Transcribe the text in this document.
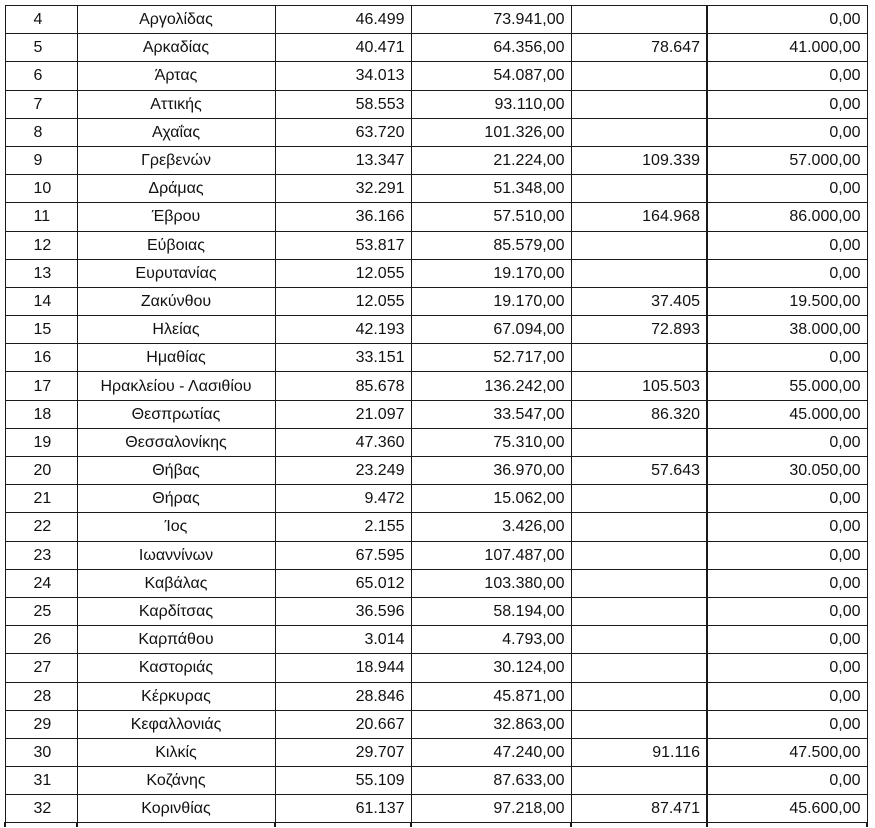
4	Αργολίδας	46.499	73.941,00		0,00
5	Αρκαδίας	40.471	64.356,00	78.647	41.000,00
6	Άρτας	34.013	54.087,00		0,00
7	Αττικής	58.553	93.110,00		0,00
8	Αχαΐας	63.720	101.326,00		0,00
9	Γρεβενών	13.347	21.224,00	109.339	57.000,00
10	Δράμας	32.291	51.348,00		0,00
11	Έβρου	36.166	57.510,00	164.968	86.000,00
12	Εύβοιας	53.817	85.579,00		0,00
13	Ευρυτανίας	12.055	19.170,00		0,00
14	Ζακύνθου	12.055	19.170,00	37.405	19.500,00
15	Ηλείας	42.193	67.094,00	72.893	38.000,00
16	Ημαθίας	33.151	52.717,00		0,00
17	Ηρακλείου - Λασιθίου	85.678	136.242,00	105.503	55.000,00
18	Θεσπρωτίας	21.097	33.547,00	86.320	45.000,00
19	Θεσσαλονίκης	47.360	75.310,00		0,00
20	Θήβας	23.249	36.970,00	57.643	30.050,00
21	Θήρας	9.472	15.062,00		0,00
22	Ίος	2.155	3.426,00		0,00
23	Ιωαννίνων	67.595	107.487,00		0,00
24	Καβάλας	65.012	103.380,00		0,00
25	Καρδίτσας	36.596	58.194,00		0,00
26	Καρπάθου	3.014	4.793,00		0,00
27	Καστοριάς	18.944	30.124,00		0,00
28	Κέρκυρας	28.846	45.871,00		0,00
29	Κεφαλλονιάς	20.667	32.863,00		0,00
30	Κιλκίς	29.707	47.240,00	91.116	47.500,00
31	Κοζάνης	55.109	87.633,00		0,00
32	Κορινθίας	61.137	97.218,00	87.471	45.600,00
